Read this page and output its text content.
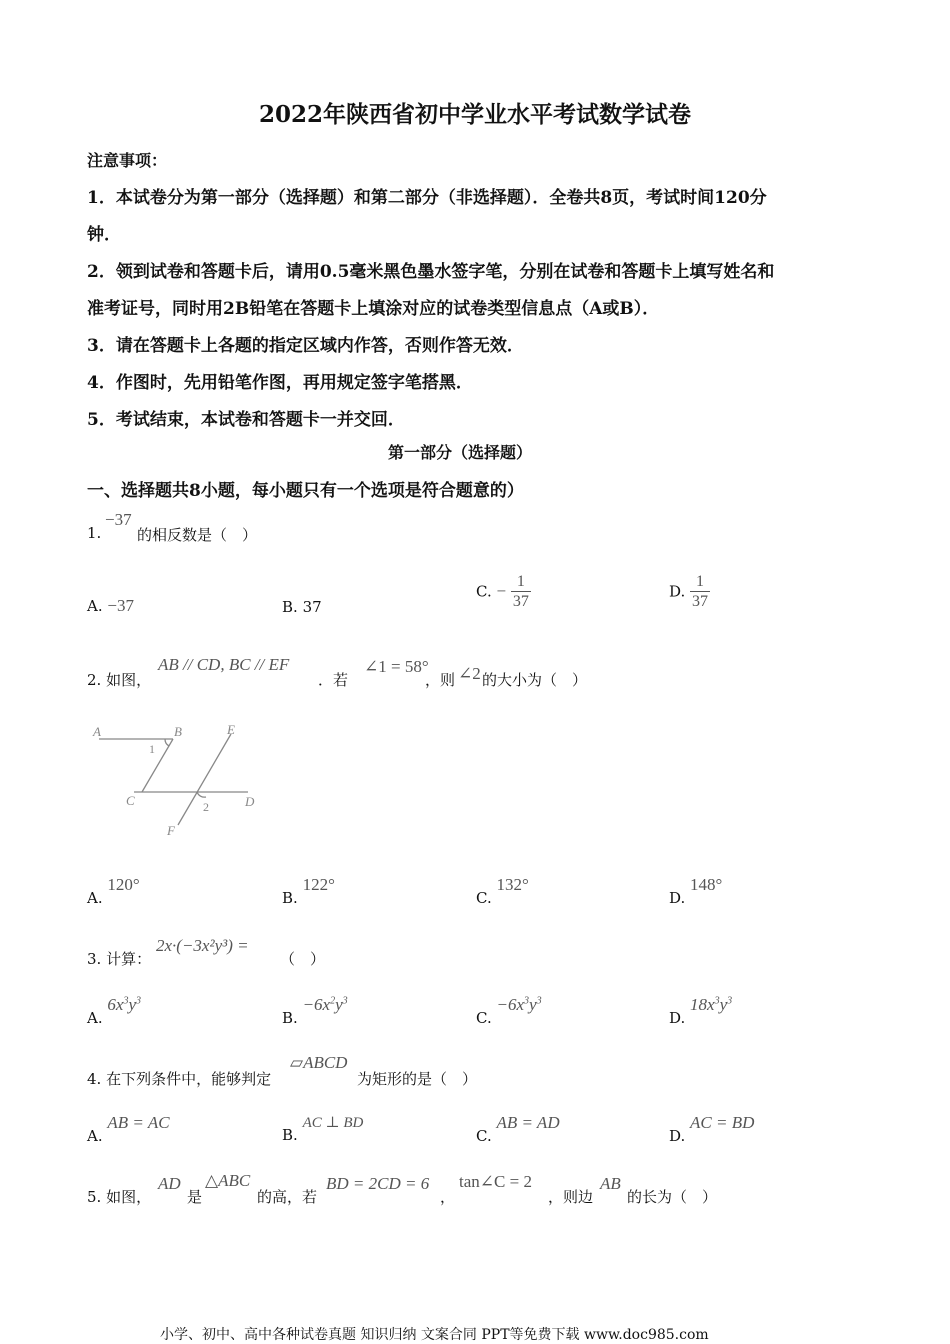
2022年陕西省初中学业水平考试数学试卷
注意事项：
1．本试卷分为第一部分（选择题）和第二部分（非选择题）．全卷共8页，考试时间120分
钟．
2．领到试卷和答题卡后，请用0.5毫米黑色墨水签字笔，分别在试卷和答题卡上填写姓名和
准考证号，同时用2B铅笔在答题卡上填涂对应的试卷类型信息点（A或B）．
3．请在答题卡上各题的指定区域内作答，否则作答无效．
4．作图时，先用铅笔作图，再用规定签字笔搭黑．
5．考试结束，本试卷和答题卡一并交回．
第一部分（选择题）
一、选择题共8小题，每小题只有一个选项是符合题意的）
1.
−37
的相反数是（　）
A. −37	B. 37
C. − $\frac{1}{37}$	D. $\frac{1}{37}$
2. 如图，
AB // CD, BC // EF
．若
∠1 = 58°
，则 ∠2 的大小为（　）
A	B	E
C	D
F
1
2
A. 120°
B. 122°
C. 132°
D. 148°
3. 计算：
2x·(−3x²y³) =
（　）
A. $6x^3y^3$
B. $-6x^2y^3$
C. $-6x^3y^3$
D. $18x^3y^3$
4. 在下列条件中，能够判定
▱ABCD
为矩形的是（　）
A. AB = AC
B. AC ⊥ BD
C. AB = AD
D. AC = BD
5. 如图，
AD
是
△ABC
的高，若
BD = 2CD = 6
，
tan∠C = 2
，则边
AB
的长为（　）
小学、初中、高中各种试卷真题 知识归纳 文案合同 PPT等免费下载 www.doc985.com
